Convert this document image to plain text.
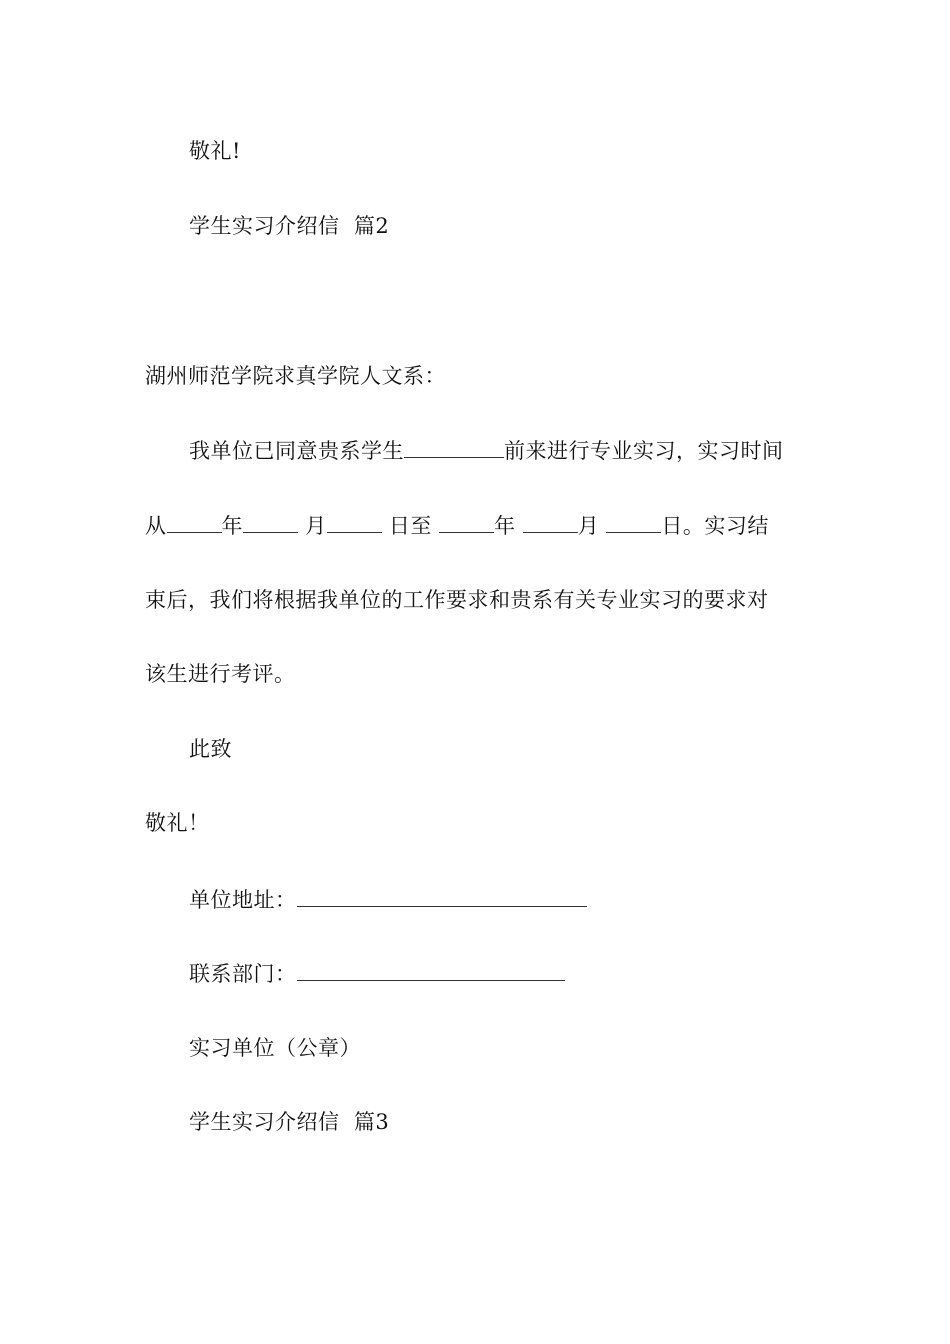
敬礼!
学生实习介绍信  篇2
湖州师范学院求真学院人文系：
我单位已同意贵系学生	前来进行专业实习，实习时间
从	年	月	日至	年	月	日。实习结
束后，我们将根据我单位的工作要求和贵系有关专业实习的要求对
该生进行考评。
此致
敬礼！
单位地址：
联系部门：
实习单位（公章）
学生实习介绍信  篇3
